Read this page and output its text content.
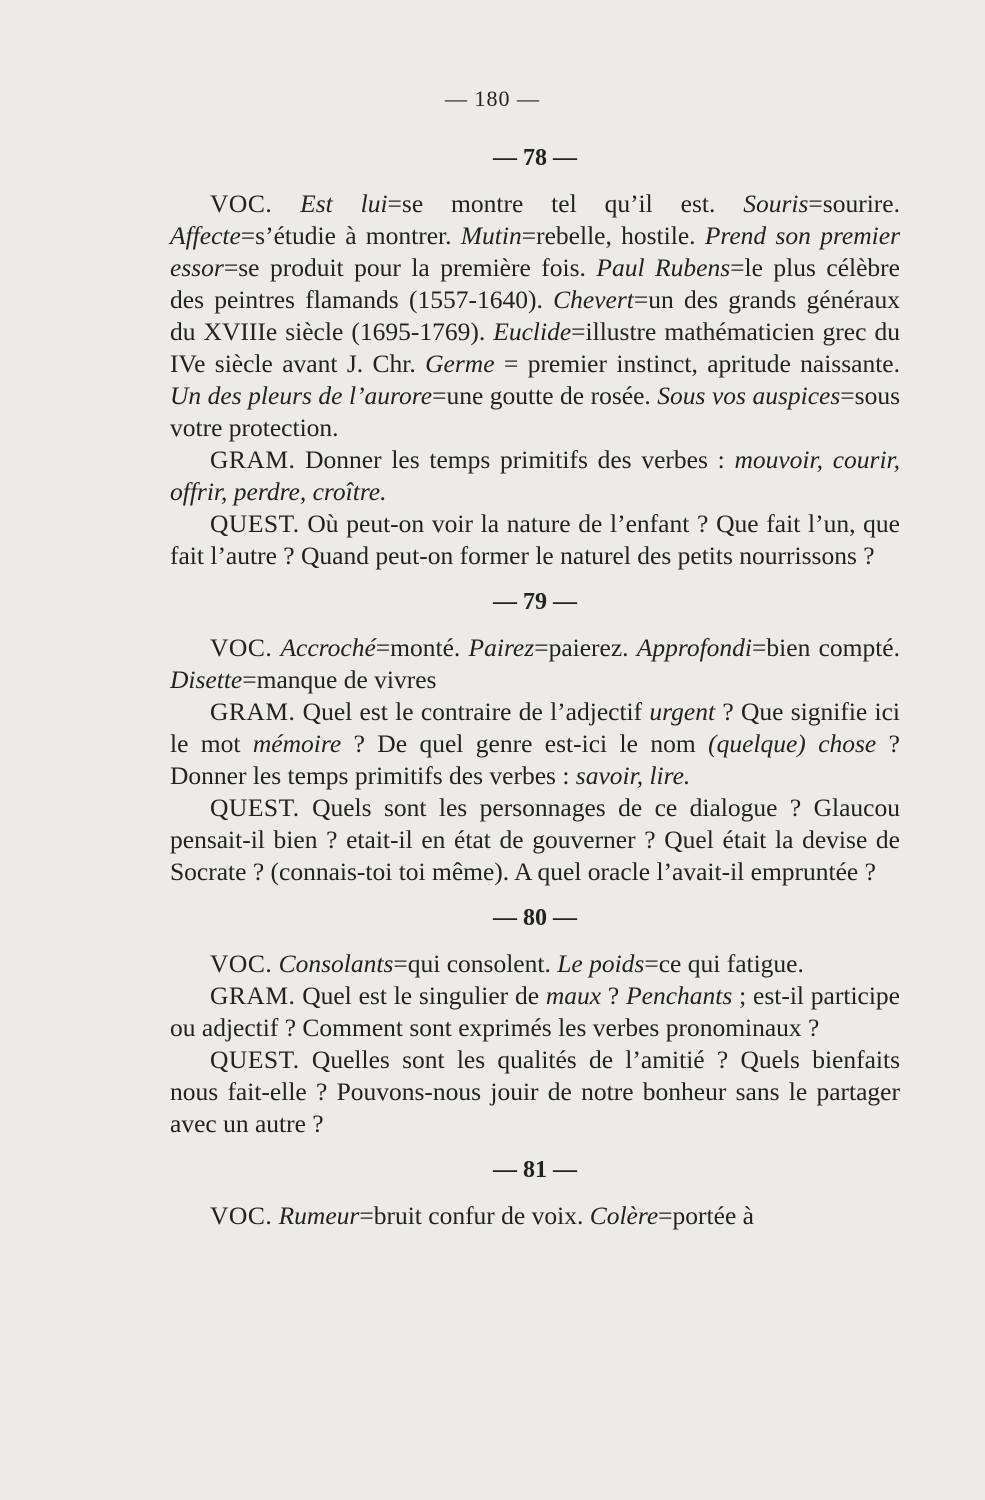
— 180 —
— 78 —

VOC. Est lui=se montre tel qu’il est. Souris=sourire. Affecte=s’étudie à montrer. Mutin=rebelle, hostile. Prend son premier essor=se produit pour la première fois. Paul Rubens=le plus célèbre des peintres flamands (1557-1640). Chevert=un des grands généraux du XVIIIe siècle (1695-1769). Euclide=illustre mathématicien grec du IVe siècle avant J. Chr. Germe = premier instinct, apritude naissante. Un des pleurs de l’aurore=une goutte de rosée. Sous vos auspices=sous votre protection.

GRAM. Donner les temps primitifs des verbes : mouvoir, courir, offrir, perdre, croître.

QUEST. Où peut-on voir la nature de l’enfant ? Que fait l’un, que fait l’autre ? Quand peut-on former le naturel des petits nourrissons ?

— 79 —

VOC. Accroché=monté. Pairez=paierez. Approfondi=bien compté. Disette=manque de vivres

GRAM. Quel est le contraire de l’adjectif urgent ? Que signifie ici le mot mémoire ? De quel genre est-ici le nom (quelque) chose ? Donner les temps primitifs des verbes : savoir, lire.

QUEST. Quels sont les personnages de ce dialogue ? Glaucou pensait-il bien ? etait-il en état de gouverner ? Quel était la devise de Socrate ? (connais-toi toi même). A quel oracle l’avait-il empruntée ?

— 80 —

VOC. Consolants=qui consolent. Le poids=ce qui fatigue.

GRAM. Quel est le singulier de maux ? Penchants ; est-il participe ou adjectif ? Comment sont exprimés les verbes pronominaux ?

QUEST. Quelles sont les qualités de l’amitié ? Quels bienfaits nous fait-elle ? Pouvons-nous jouir de notre bonheur sans le partager avec un autre ?

— 81 —

VOC. Rumeur=bruit confur de voix. Colère=portée à
